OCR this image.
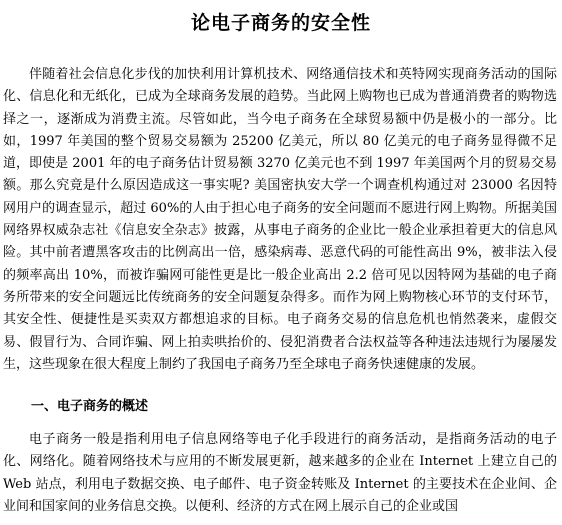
论电子商务的安全性

伴随着社会信息化步伐的加快利用计算机技术、网络通信技术和英特网实现商务活动的国际化、信息化和无纸化，已成为全球商务发展的趋势。当此网上购物也已成为普通消费者的购物选择之一，逐渐成为消费主流。尽管如此，当今电子商务在全球贸易额中仍是极小的一部分。比如，1997 年美国的整个贸易交易额为 25200 亿美元，所以 80 亿美元的电子商务显得微不足道，即使是 2001 年的电子商务估计贸易额 3270 亿美元也不到 1997 年美国两个月的贸易交易额。那么究竟是什么原因造成这一事实呢? 美国密执安大学一个调查机构通过对 23000 名因特网用户的调查显示，超过 60%的人由于担心电子商务的安全问题而不愿进行网上购物。所据美国网络界权威杂志社《信息安全杂志》披露，从事电子商务的企业比一般企业承担着更大的信息风险。其中前者遭黑客攻击的比例高出一倍，感染病毒、恶意代码的可能性高出 9%，被非法入侵的频率高出 10%，而被诈骗网可能性更是比一般企业高出 2.2 倍可见以因特网为基础的电子商务所带来的安全问题远比传统商务的安全问题复杂得多。而作为网上购物核心环节的支付环节，其安全性、便捷性是买卖双方都想追求的目标。电子商务交易的信息危机也悄然袭来，虚假交易、假冒行为、合同诈骗、网上拍卖哄抬价的、侵犯消费者合法权益等各种违法违规行为屡屡发生，这些现象在很大程度上制约了我国电子商务乃至全球电子商务快速健康的发展。

一、电子商务的概述

电子商务一般是指利用电子信息网络等电子化手段进行的商务活动，是指商务活动的电子化、网络化。随着网络技术与应用的不断发展更新，越来越多的企业在 Internet 上建立自己的 Web 站点，利用电子数据交换、电子邮件、电子资金转账及 Internet 的主要技术在企业间、企业间和国家间的业务信息交换。以便利、经济的方式在网上展示自己的企业或国
